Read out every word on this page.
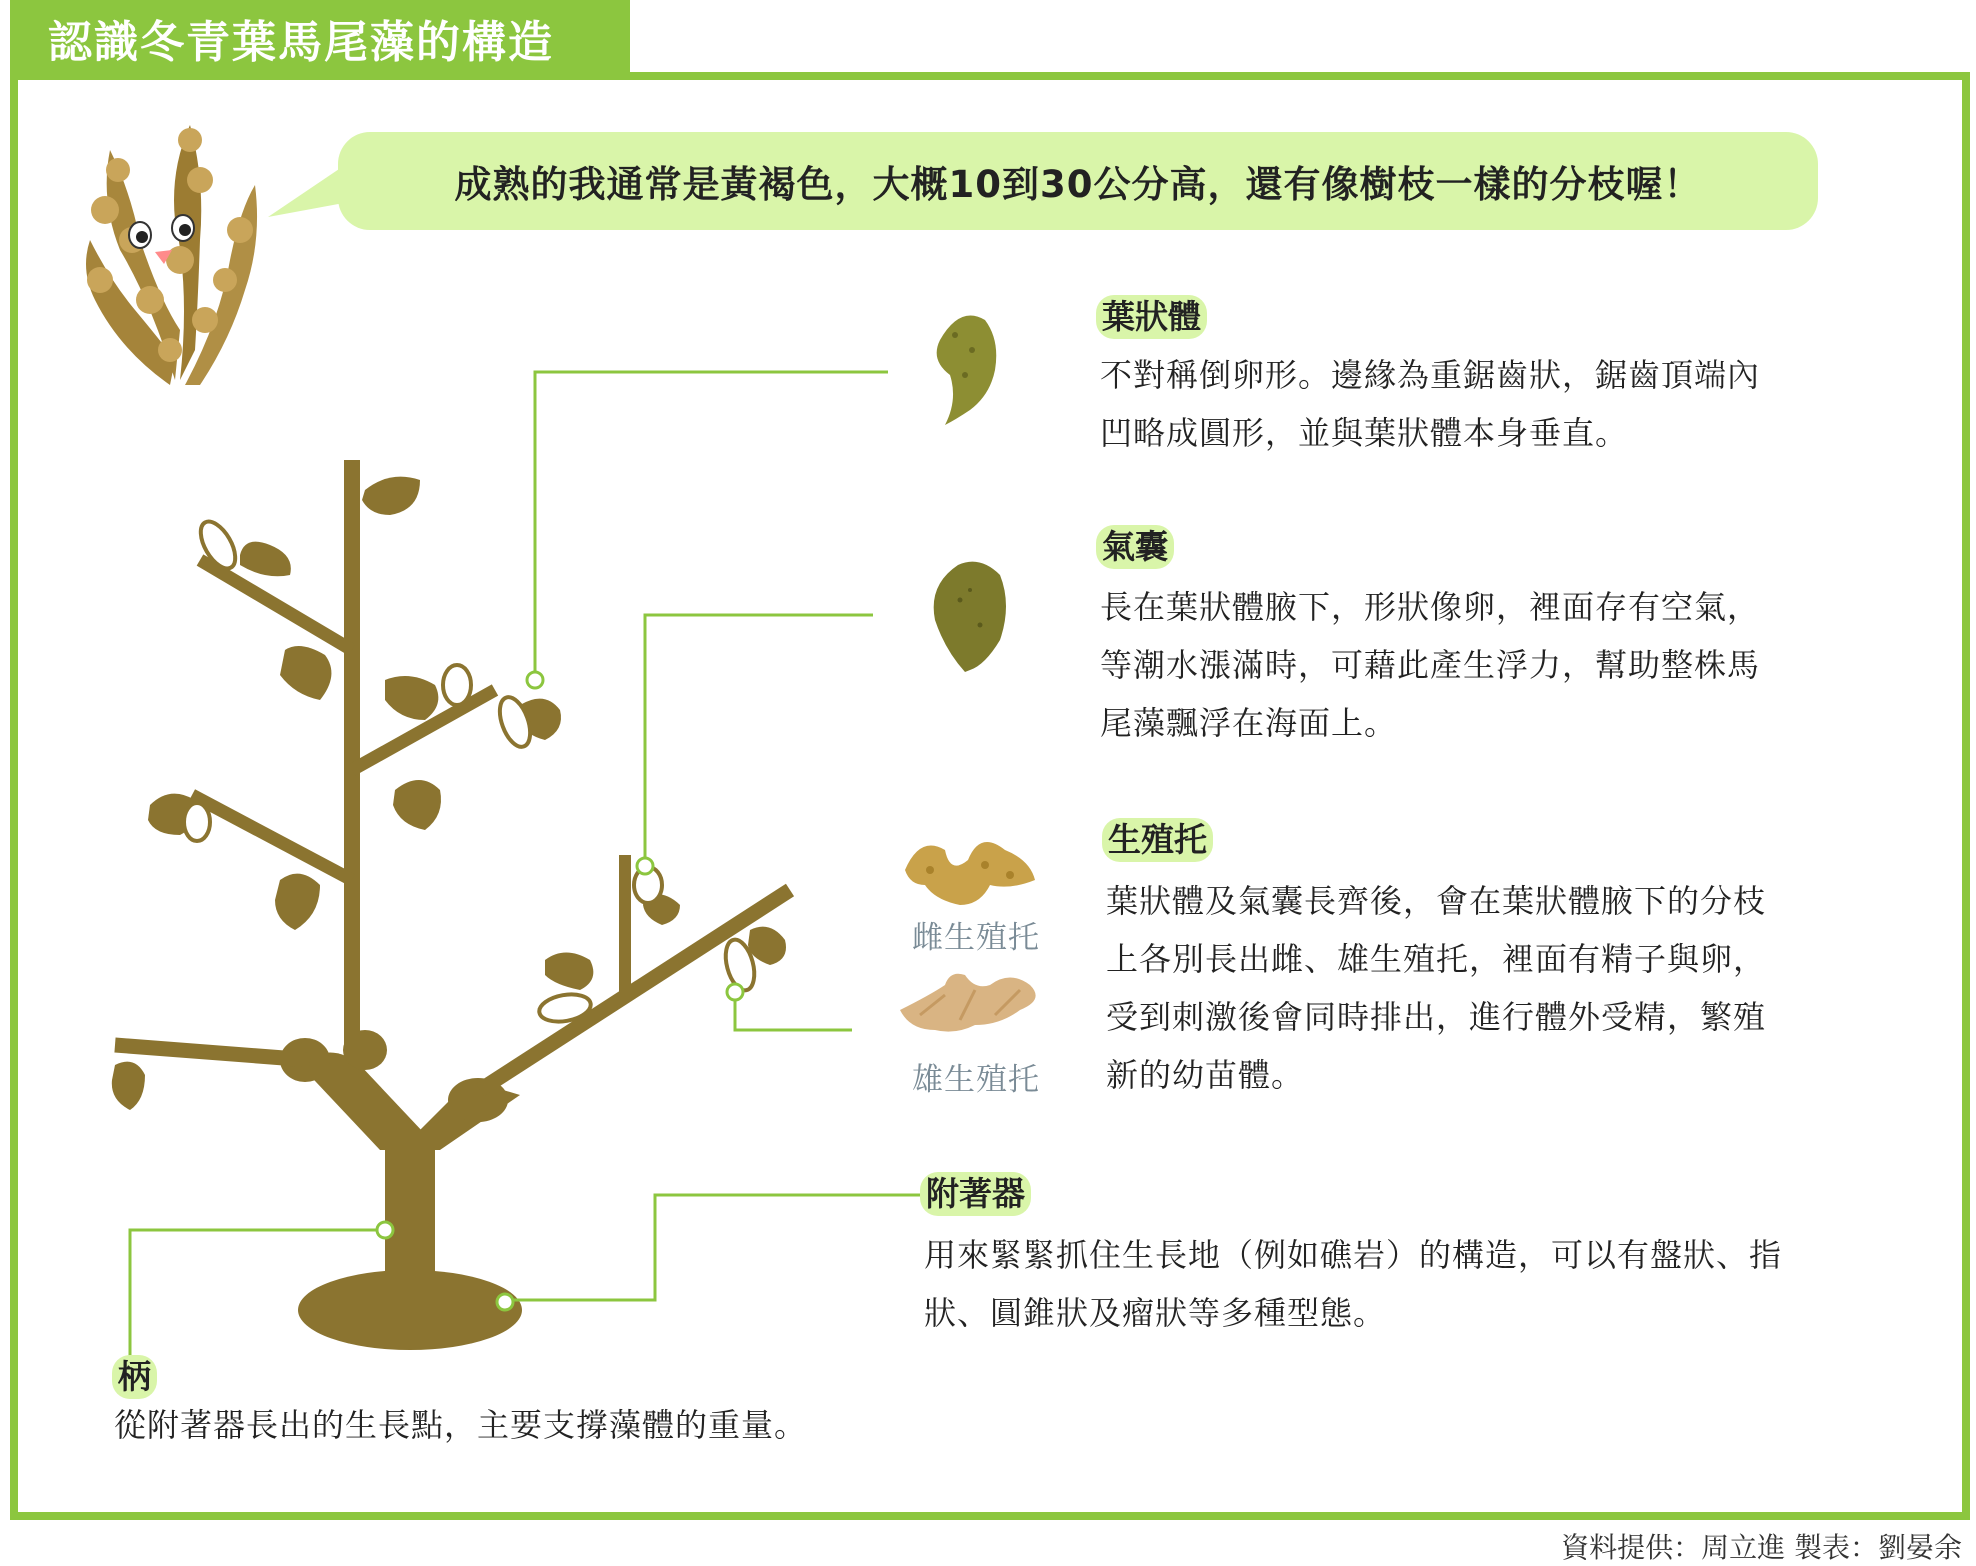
認識冬青葉馬尾藻的構造
成熟的我通常是黃褐色，大概10到30公分高，還有像樹枝一樣的分枝喔！
葉狀體
不對稱倒卵形。邊緣為重鋸齒狀，鋸齒頂端內
凹略成圓形，並與葉狀體本身垂直。
氣囊
長在葉狀體腋下，形狀像卵，裡面存有空氣，
等潮水漲滿時，可藉此產生浮力，幫助整株馬
尾藻飄浮在海面上。
生殖托
葉狀體及氣囊長齊後，會在葉狀體腋下的分枝
上各別長出雌、雄生殖托，裡面有精子與卵，
受到刺激後會同時排出，進行體外受精，繁殖
新的幼苗體。
雌生殖托
雄生殖托
附著器
用來緊緊抓住生長地（例如礁岩）的構造，可以有盤狀、指
狀、圓錐狀及瘤狀等多種型態。
柄
從附著器長出的生長點，主要支撐藻體的重量。
資料提供：周立進 製表：劉晏余
